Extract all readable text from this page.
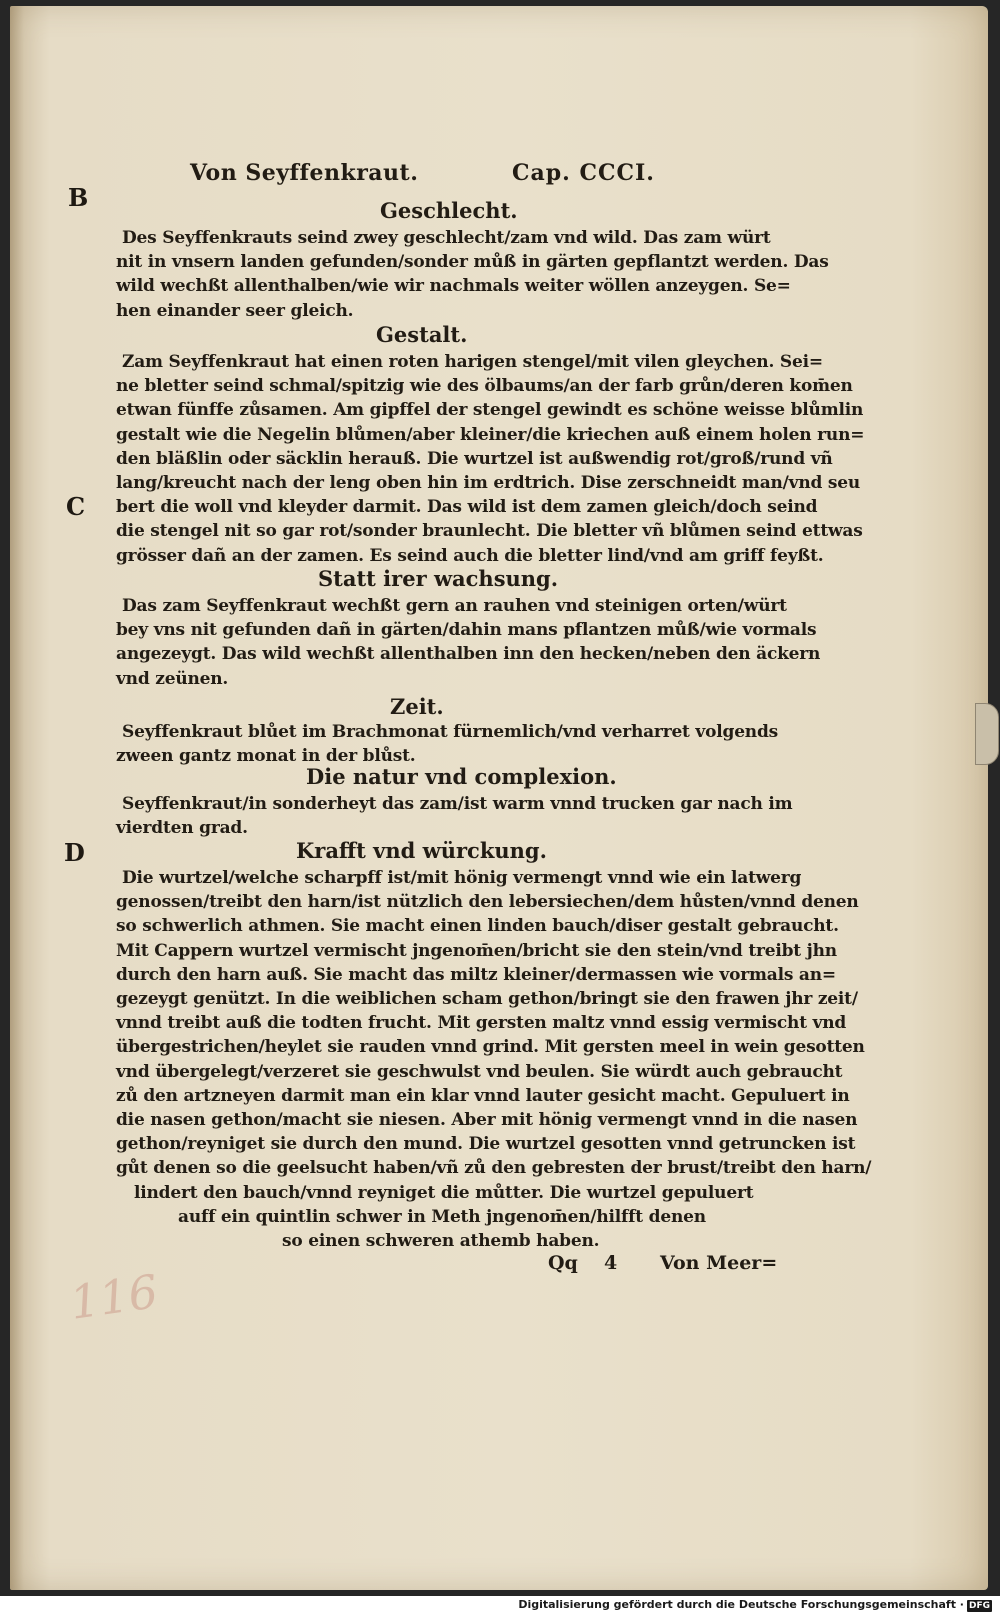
Von Seyffenkraut.	Cap. CCCI.
B
C
D
Geschlecht.
Des Seyffenkrauts seind zwey geschlecht/zam vnd wild. Das zam würt
nit in vnsern landen gefunden/sonder můß in gärten gepflantzt werden. Das
wild wechßt allenthalben/wie wir nachmals weiter wöllen anzeygen. Se=
hen einander seer gleich.
Gestalt.
Zam Seyffenkraut hat einen roten harigen stengel/mit vilen gleychen. Sei=
ne bletter seind schmal/spitzig wie des ölbaums/an der farb grůn/deren kom̄en
etwan fünffe zůsamen. Am gipffel der stengel gewindt es schöne weisse blůmlin
gestalt wie die Negelin blůmen/aber kleiner/die kriechen auß einem holen run=
den bläßlin oder säcklin herauß. Die wurtzel ist außwendig rot/groß/rund vñ
lang/kreucht nach der leng oben hin im erdtrich. Dise zerschneidt man/vnd seu
bert die woll vnd kleyder darmit. Das wild ist dem zamen gleich/doch seind
die stengel nit so gar rot/sonder braunlecht. Die bletter vñ blůmen seind ettwas
grösser dañ an der zamen. Es seind auch die bletter lind/vnd am griff feyßt.
Statt irer wachsung.
Das zam Seyffenkraut wechßt gern an rauhen vnd steinigen orten/würt
bey vns nit gefunden dañ in gärten/dahin mans pflantzen můß/wie vormals
angezeygt. Das wild wechßt allenthalben inn den hecken/neben den äckern
vnd zeünen.
Zeit.
Seyffenkraut blůet im Brachmonat fürnemlich/vnd verharret volgends
zween gantz monat in der blůst.
Die natur vnd complexion.
Seyffenkraut/in sonderheyt das zam/ist warm vnnd trucken gar nach im
vierdten grad.
Krafft vnd würckung.
Die wurtzel/welche scharpff ist/mit hönig vermengt vnnd wie ein latwerg
genossen/treibt den harn/ist nützlich den lebersiechen/dem hůsten/vnnd denen
so schwerlich athmen. Sie macht einen linden bauch/diser gestalt gebraucht.
Mit Cappern wurtzel vermischt jngenom̄en/bricht sie den stein/vnd treibt jhn
durch den harn auß. Sie macht das miltz kleiner/dermassen wie vormals an=
gezeygt genützt. In die weiblichen scham gethon/bringt sie den frawen jhr zeit/
vnnd treibt auß die todten frucht. Mit gersten maltz vnnd essig vermischt vnd
übergestrichen/heylet sie rauden vnnd grind. Mit gersten meel in wein gesotten
vnd übergelegt/verzeret sie geschwulst vnd beulen. Sie würdt auch gebraucht
zů den artzneyen darmit man ein klar vnnd lauter gesicht macht. Gepuluert in
die nasen gethon/macht sie niesen. Aber mit hönig vermengt vnnd in die nasen
gethon/reyniget sie durch den mund. Die wurtzel gesotten vnnd getruncken ist
gůt denen so die geelsucht haben/vñ zů den gebresten der brust/treibt den harn/
lindert den bauch/vnnd reyniget die můtter. Die wurtzel gepuluert
auff ein quintlin schwer in Meth jngenom̄en/hilfft denen
so einen schweren athemb haben.
Qq 4 Von Meer=
116
Digitalisierung gefördert durch die Deutsche Forschungsgemeinschaft · DFG
